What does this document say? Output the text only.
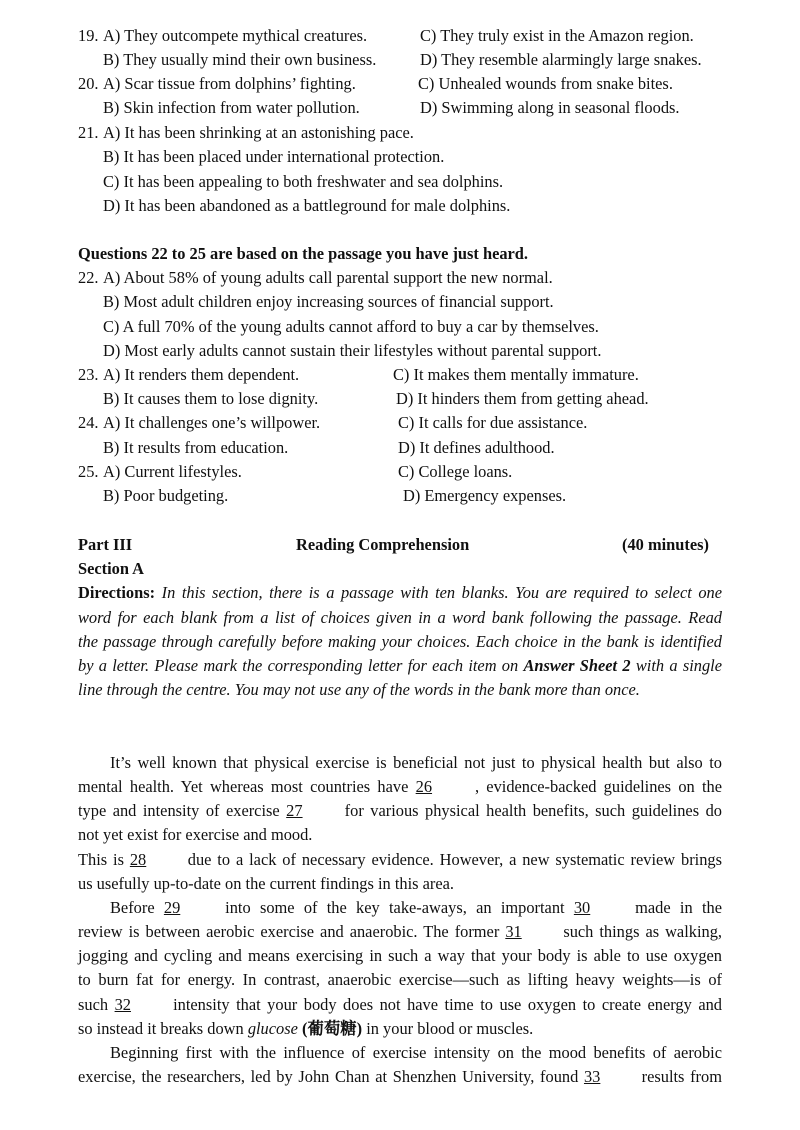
19. A) They outcompete mythical creatures.	C) They truly exist in the Amazon region.
B) They usually mind their own business.	D) They resemble alarmingly large snakes.
20. A) Scar tissue from dolphins’ fighting.	C) Unhealed wounds from snake bites.
B) Skin infection from water pollution.	D) Swimming along in seasonal floods.
21. A) It has been shrinking at an astonishing pace.
B) It has been placed under international protection.
C) It has been appealing to both freshwater and sea dolphins.
D) It has been abandoned as a battleground for male dolphins.
Questions 22 to 25 are based on the passage you have just heard.
22. A) About 58% of young adults call parental support the new normal.
B) Most adult children enjoy increasing sources of financial support.
C) A full 70% of the young adults cannot afford to buy a car by themselves.
D) Most early adults cannot sustain their lifestyles without parental support.
23. A) It renders them dependent.	C) It makes them mentally immature.
B) It causes them to lose dignity.	D) It hinders them from getting ahead.
24. A) It challenges one’s willpower.	C) It calls for due assistance.
B) It results from education.	D) It defines adulthood.
25. A) Current lifestyles.	C) College loans.
B) Poor budgeting.	D) Emergency expenses.
Part III	Reading Comprehension	(40 minutes)
Section A
Directions: In this section, there is a passage with ten blanks. You are required to select one
word for each blank from a list of choices given in a word bank following the passage. Read
the passage through carefully before making your choices. Each choice in the bank is identified
by a letter. Please mark the corresponding letter for each item on Answer Sheet 2 with a single
line through the centre. You may not use any of the words in the bank more than once.
It’s well known that physical exercise is beneficial not just to physical health but also to
mental health. Yet whereas most countries have 26	, evidence-backed guidelines on the
type and intensity of exercise 27	for various physical health benefits, such guidelines do
not yet exist for exercise and mood.
This is 28	due to a lack of necessary evidence. However, a new systematic review brings
us usefully up-to-date on the current findings in this area.
Before 29	into some of the key take-aways, an important 30	made in the
review is between aerobic exercise and anaerobic. The former 31	such things as walking,
jogging and cycling and means exercising in such a way that your body is able to use oxygen
to burn fat for energy. In contrast, anaerobic exercise—such as lifting heavy weights—is of
such 32	intensity that your body does not have time to use oxygen to create energy and
so instead it breaks down glucose (葡萄糖) in your blood or muscles.
Beginning first with the influence of exercise intensity on the mood benefits of aerobic
exercise, the researchers, led by John Chan at Shenzhen University, found 33	results from
